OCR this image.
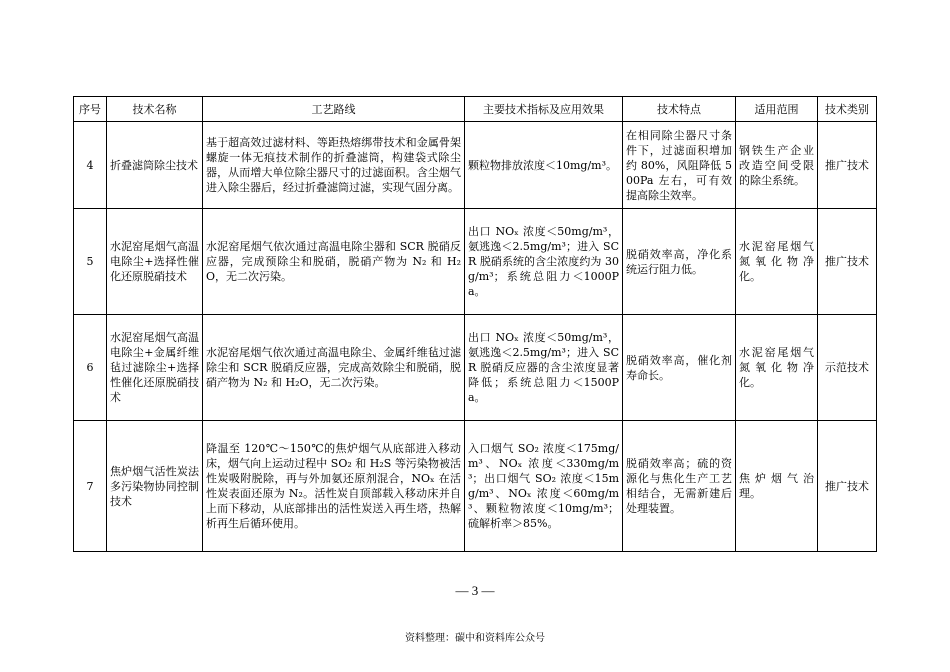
序号	技术名称	工艺路线	主要技术指标及应用效果	技术特点	适用范围	技术类别
4	折叠滤筒除尘技术	基于超高效过滤材料、等距热熔绑带技术和金属骨架螺旋一体无痕技术制作的折叠滤筒，构建袋式除尘器，从而增大单位除尘器尺寸的过滤面积。含尘烟气进入除尘器后，经过折叠滤筒过滤，实现气固分离。	颗粒物排放浓度＜10mg/m³。	在相同除尘器尺寸条件下，过滤面积增加约 80%，风阻降低 500Pa 左右，可有效提高除尘效率。	钢铁生产企业改造空间受限的除尘系统。	推广技术
5	水泥窑尾烟气高温电除尘+选择性催化还原脱硝技术	水泥窑尾烟气依次通过高温电除尘器和 SCR 脱硝反应器，完成预除尘和脱硝，脱硝产物为 N₂ 和 H₂O，无二次污染。	出口 NOₓ 浓度＜50mg/m³，氨逃逸＜2.5mg/m³；进入 SCR 脱硝系统的含尘浓度约为 30g/m³；系统总阻力＜1000Pa。	脱硝效率高，净化系统运行阻力低。	水泥窑尾烟气氮氧化物净化。	推广技术
6	水泥窑尾烟气高温电除尘+金属纤维毡过滤除尘+选择性催化还原脱硝技术	水泥窑尾烟气依次通过高温电除尘、金属纤维毡过滤除尘和 SCR 脱硝反应器，完成高效除尘和脱硝，脱硝产物为 N₂ 和 H₂O，无二次污染。	出口 NOₓ 浓度＜50mg/m³，氨逃逸＜2.5mg/m³；进入 SCR 脱硝反应器的含尘浓度显著降低；系统总阻力＜1500Pa。	脱硝效率高，催化剂寿命长。	水泥窑尾烟气氮氧化物净化。	示范技术
7	焦炉烟气活性炭法多污染物协同控制技术	降温至 120℃～150℃的焦炉烟气从底部进入移动床，烟气向上运动过程中 SO₂ 和 H₂S 等污染物被活性炭吸附脱除，再与外加氨还原剂混合，NOₓ 在活性炭表面还原为 N₂。活性炭自顶部载入移动床并自上而下移动，从底部排出的活性炭送入再生塔，热解析再生后循环使用。	入口烟气 SO₂ 浓度＜175mg/m³、NOₓ 浓度＜330mg/m³；出口烟气 SO₂ 浓度＜15mg/m³、NOₓ 浓度＜60mg/m³、颗粒物浓度＜10mg/m³；硫解析率＞85%。	脱硝效率高；硫的资源化与焦化生产工艺相结合，无需新建后处理装置。	焦炉烟气治理。	推广技术
— 3 —
资料整理：碳中和资料库公众号
